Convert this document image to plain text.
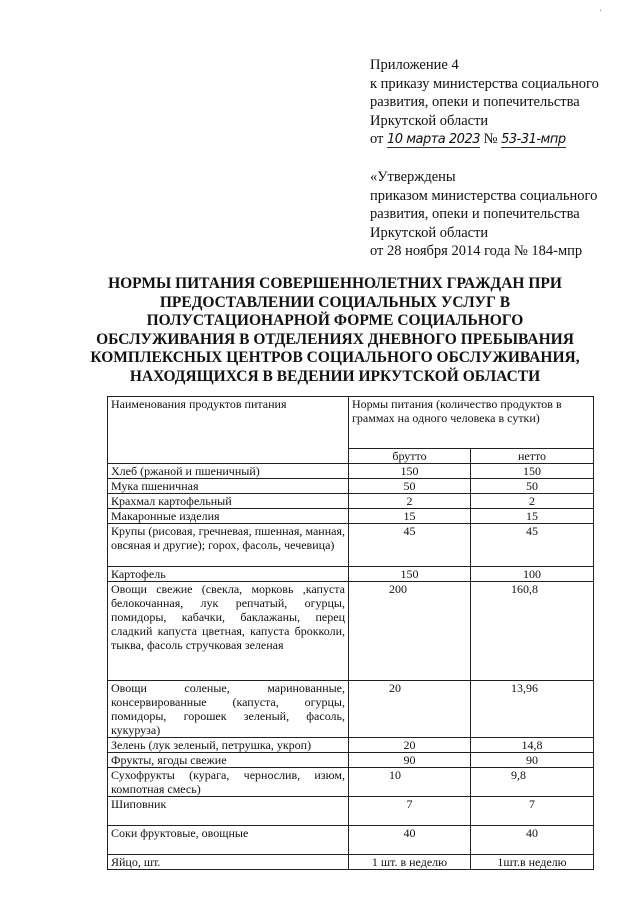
'
Приложение 4
к приказу министерства социального
развития, опеки и попечительства
Иркутской области
от 10 марта 2023 № 53-31-мпр
«Утверждены
приказом министерства социального
развития, опеки и попечительства
Иркутской области
от 28 ноября 2014 года № 184-мпр
НОРМЫ ПИТАНИЯ СОВЕРШЕННОЛЕТНИХ ГРАЖДАН ПРИ ПРЕДОСТАВЛЕНИИ СОЦИАЛЬНЫХ УСЛУГ В ПОЛУСТАЦИОНАРНОЙ ФОРМЕ СОЦИАЛЬНОГО ОБСЛУЖИВАНИЯ В ОТДЕЛЕНИЯХ ДНЕВНОГО ПРЕБЫВАНИЯ КОМПЛЕКСНЫХ ЦЕНТРОВ СОЦИАЛЬНОГО ОБСЛУЖИВАНИЯ, НАХОДЯЩИХСЯ В ВЕДЕНИИ ИРКУТСКОЙ ОБЛАСТИ
Наименования продуктов питания	Нормы питания (количество продуктов в граммах на одного человека в сутки)	
	брутто	нетто
Хлеб (ржаной и пшеничный)	150	150
Мука пшеничная	50	50
Крахмал картофельный	2	2
Макаронные изделия	15	15
Крупы (рисовая, гречневая, пшенная, манная, овсяная и другие); горох, фасоль, чечевица)	45	45
Картофель	150	100
Овощи свежие (свекла, морковь ,капуста белокочанная, лук репчатый, огурцы, помидоры, кабачки, баклажаны, перец сладкий капуста цветная, капуста брокколи, тыква, фасоль стручковая зеленая	200	160,8
Овощи соленые, маринованные, консервированные (капуста, огурцы, помидоры, горошек зеленый, фасоль, кукуруза)	20	13,96
Зелень (лук зеленый, петрушка, укроп)	20	14,8
Фрукты, ягоды свежие	90	90
Сухофрукты (курага, чернослив, изюм, компотная смесь)	10	9,8
Шиповник	7	7
Соки фруктовые, овощные	40	40
Яйцо, шт.	1 шт. в неделю	1шт.в неделю
